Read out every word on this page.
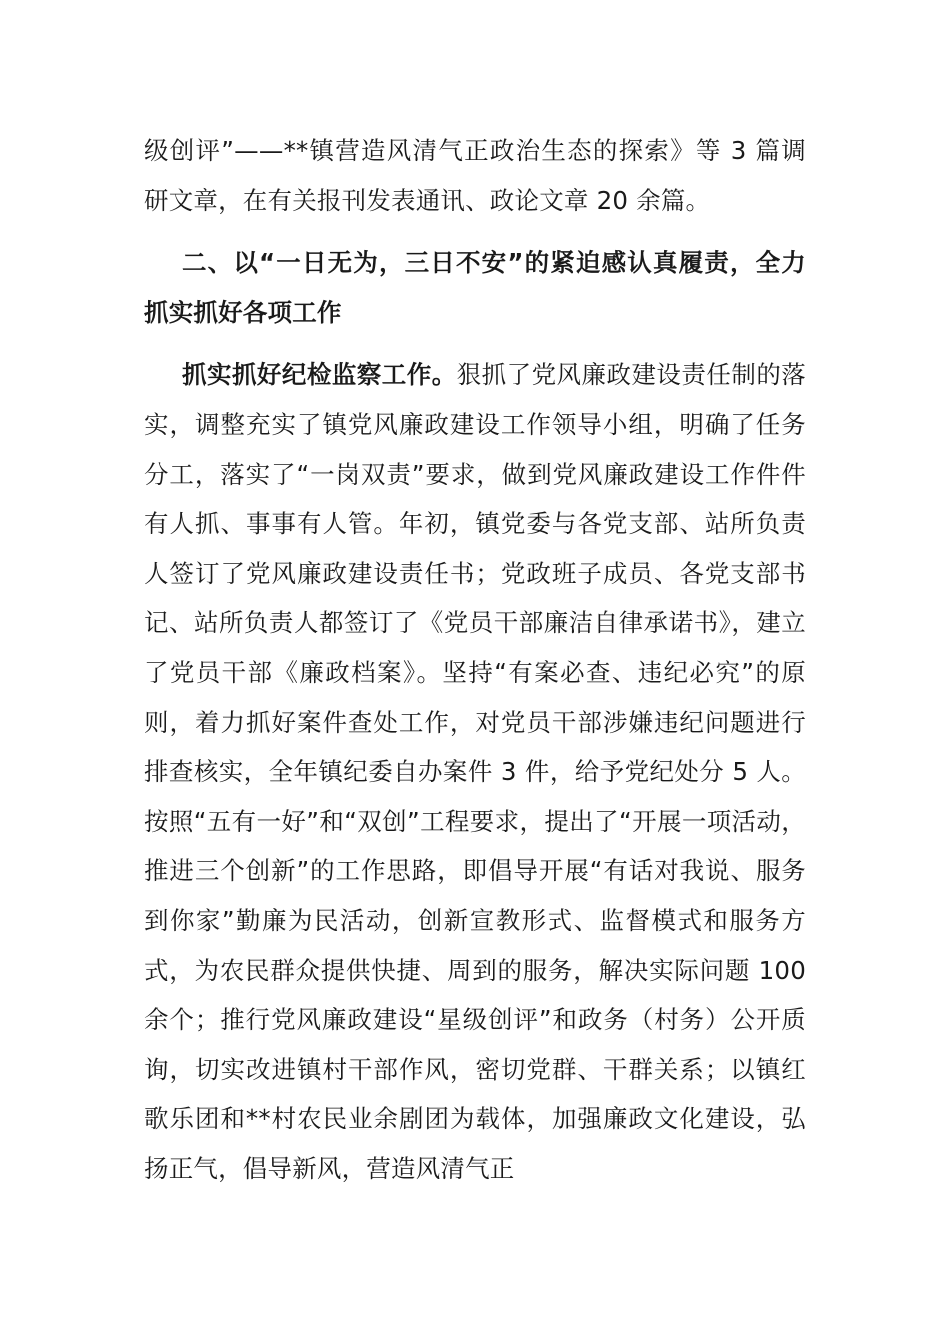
级创评”——**镇营造风清气正政治生态的探索》等 3 篇调研文章，在有关报刊发表通讯、政论文章 20 余篇。

二、以“一日无为，三日不安”的紧迫感认真履责，全力抓实抓好各项工作

抓实抓好纪检监察工作。狠抓了党风廉政建设责任制的落实，调整充实了镇党风廉政建设工作领导小组，明确了任务分工，落实了“一岗双责”要求，做到党风廉政建设工作件件有人抓、事事有人管。年初，镇党委与各党支部、站所负责人签订了党风廉政建设责任书；党政班子成员、各党支部书记、站所负责人都签订了《党员干部廉洁自律承诺书》，建立了党员干部《廉政档案》。坚持“有案必查、违纪必究”的原则，着力抓好案件查处工作，对党员干部涉嫌违纪问题进行排查核实，全年镇纪委自办案件 3 件，给予党纪处分 5 人。按照“五有一好”和“双创”工程要求，提出了“开展一项活动，推进三个创新”的工作思路，即倡导开展“有话对我说、服务到你家”勤廉为民活动，创新宣教形式、监督模式和服务方式，为农民群众提供快捷、周到的服务，解决实际问题 100 余个；推行党风廉政建设“星级创评”和政务（村务）公开质询，切实改进镇村干部作风，密切党群、干群关系；以镇红歌乐团和**村农民业余剧团为载体，加强廉政文化建设，弘扬正气，倡导新风，营造风清气正
